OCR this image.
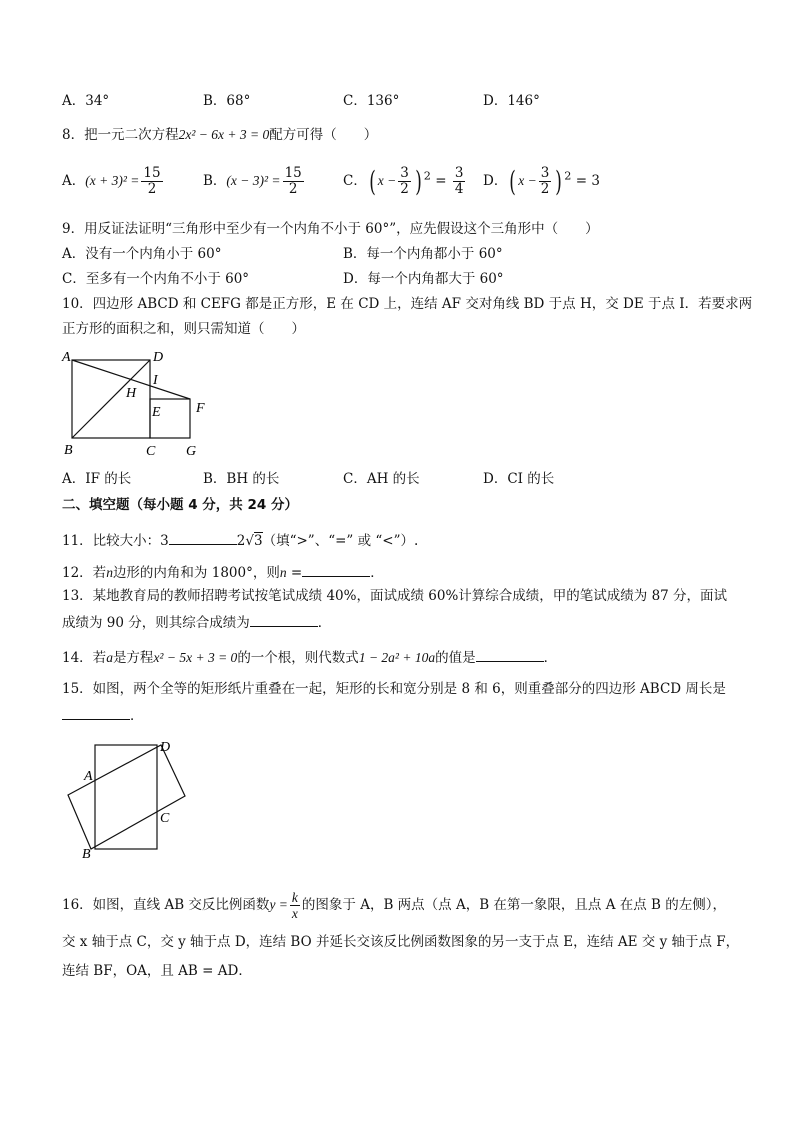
A．34°	B．68°	C．136°	D．146°
8．把一元二次方程2x² − 6x + 3 = 0配方可得（　　）
A．$(x + 3)^2 = \frac{15}{2}$	B．$(x - 3)^2 = \frac{15}{2}$	C．( $x - \frac{3}{2}$ ) $^2 = \frac{3}{4}$ D．( $x - \frac{3}{2}$ ) $^2$ = 3
9．用反证法证明“三角形中至少有一个内角不小于 60°”，应先假设这个三角形中（　　）
A．没有一个内角小于 60°	B．每一个内角都小于 60°
C．至多有一个内角不小于 60°	D．每一个内角都大于 60°
10．四边形 ABCD 和 CEFG 都是正方形，E 在 CD 上，连结 AF 交对角线 BD 于点 H，交 DE 于点 I．若要求两
正方形的面积之和，则只需知道（　　）
A	D
I
H
E	F
B	C G
A．IF 的长	B．BH 的长	C．AH 的长	D．CI 的长
二、填空题（每小题 4 分，共 24 分）
11．比较大小：3	2√3（填“>”、“=” 或 “<”）.
12．若n边形的内角和为 1800°，则n =	．
13．某地教育局的教师招聘考试按笔试成绩 40%，面试成绩 60%计算综合成绩，甲的笔试成绩为 87 分，面试
成绩为 90 分，则其综合成绩为	．
14．若a是方程x² − 5x + 3 = 0的一个根，则代数式1 − 2a² + 10a的值是	．
15．如图，两个全等的矩形纸片重叠在一起，矩形的长和宽分别是 8 和 6，则重叠部分的四边形 ABCD 周长是
．
A
D
C
B
16．如图，直线 AB 交反比例函数$y = \frac{k}{x}$ 的图象于 A，B 两点（点 A，B 在第一象限，且点 A 在点 B 的左侧），
交 x 轴于点 C，交 y 轴于点 D，连结 BO 并延长交该反比例函数图象的另一支于点 E，连结 AE 交 y 轴于点 F，
连结 BF，OA，且 AB = AD．
